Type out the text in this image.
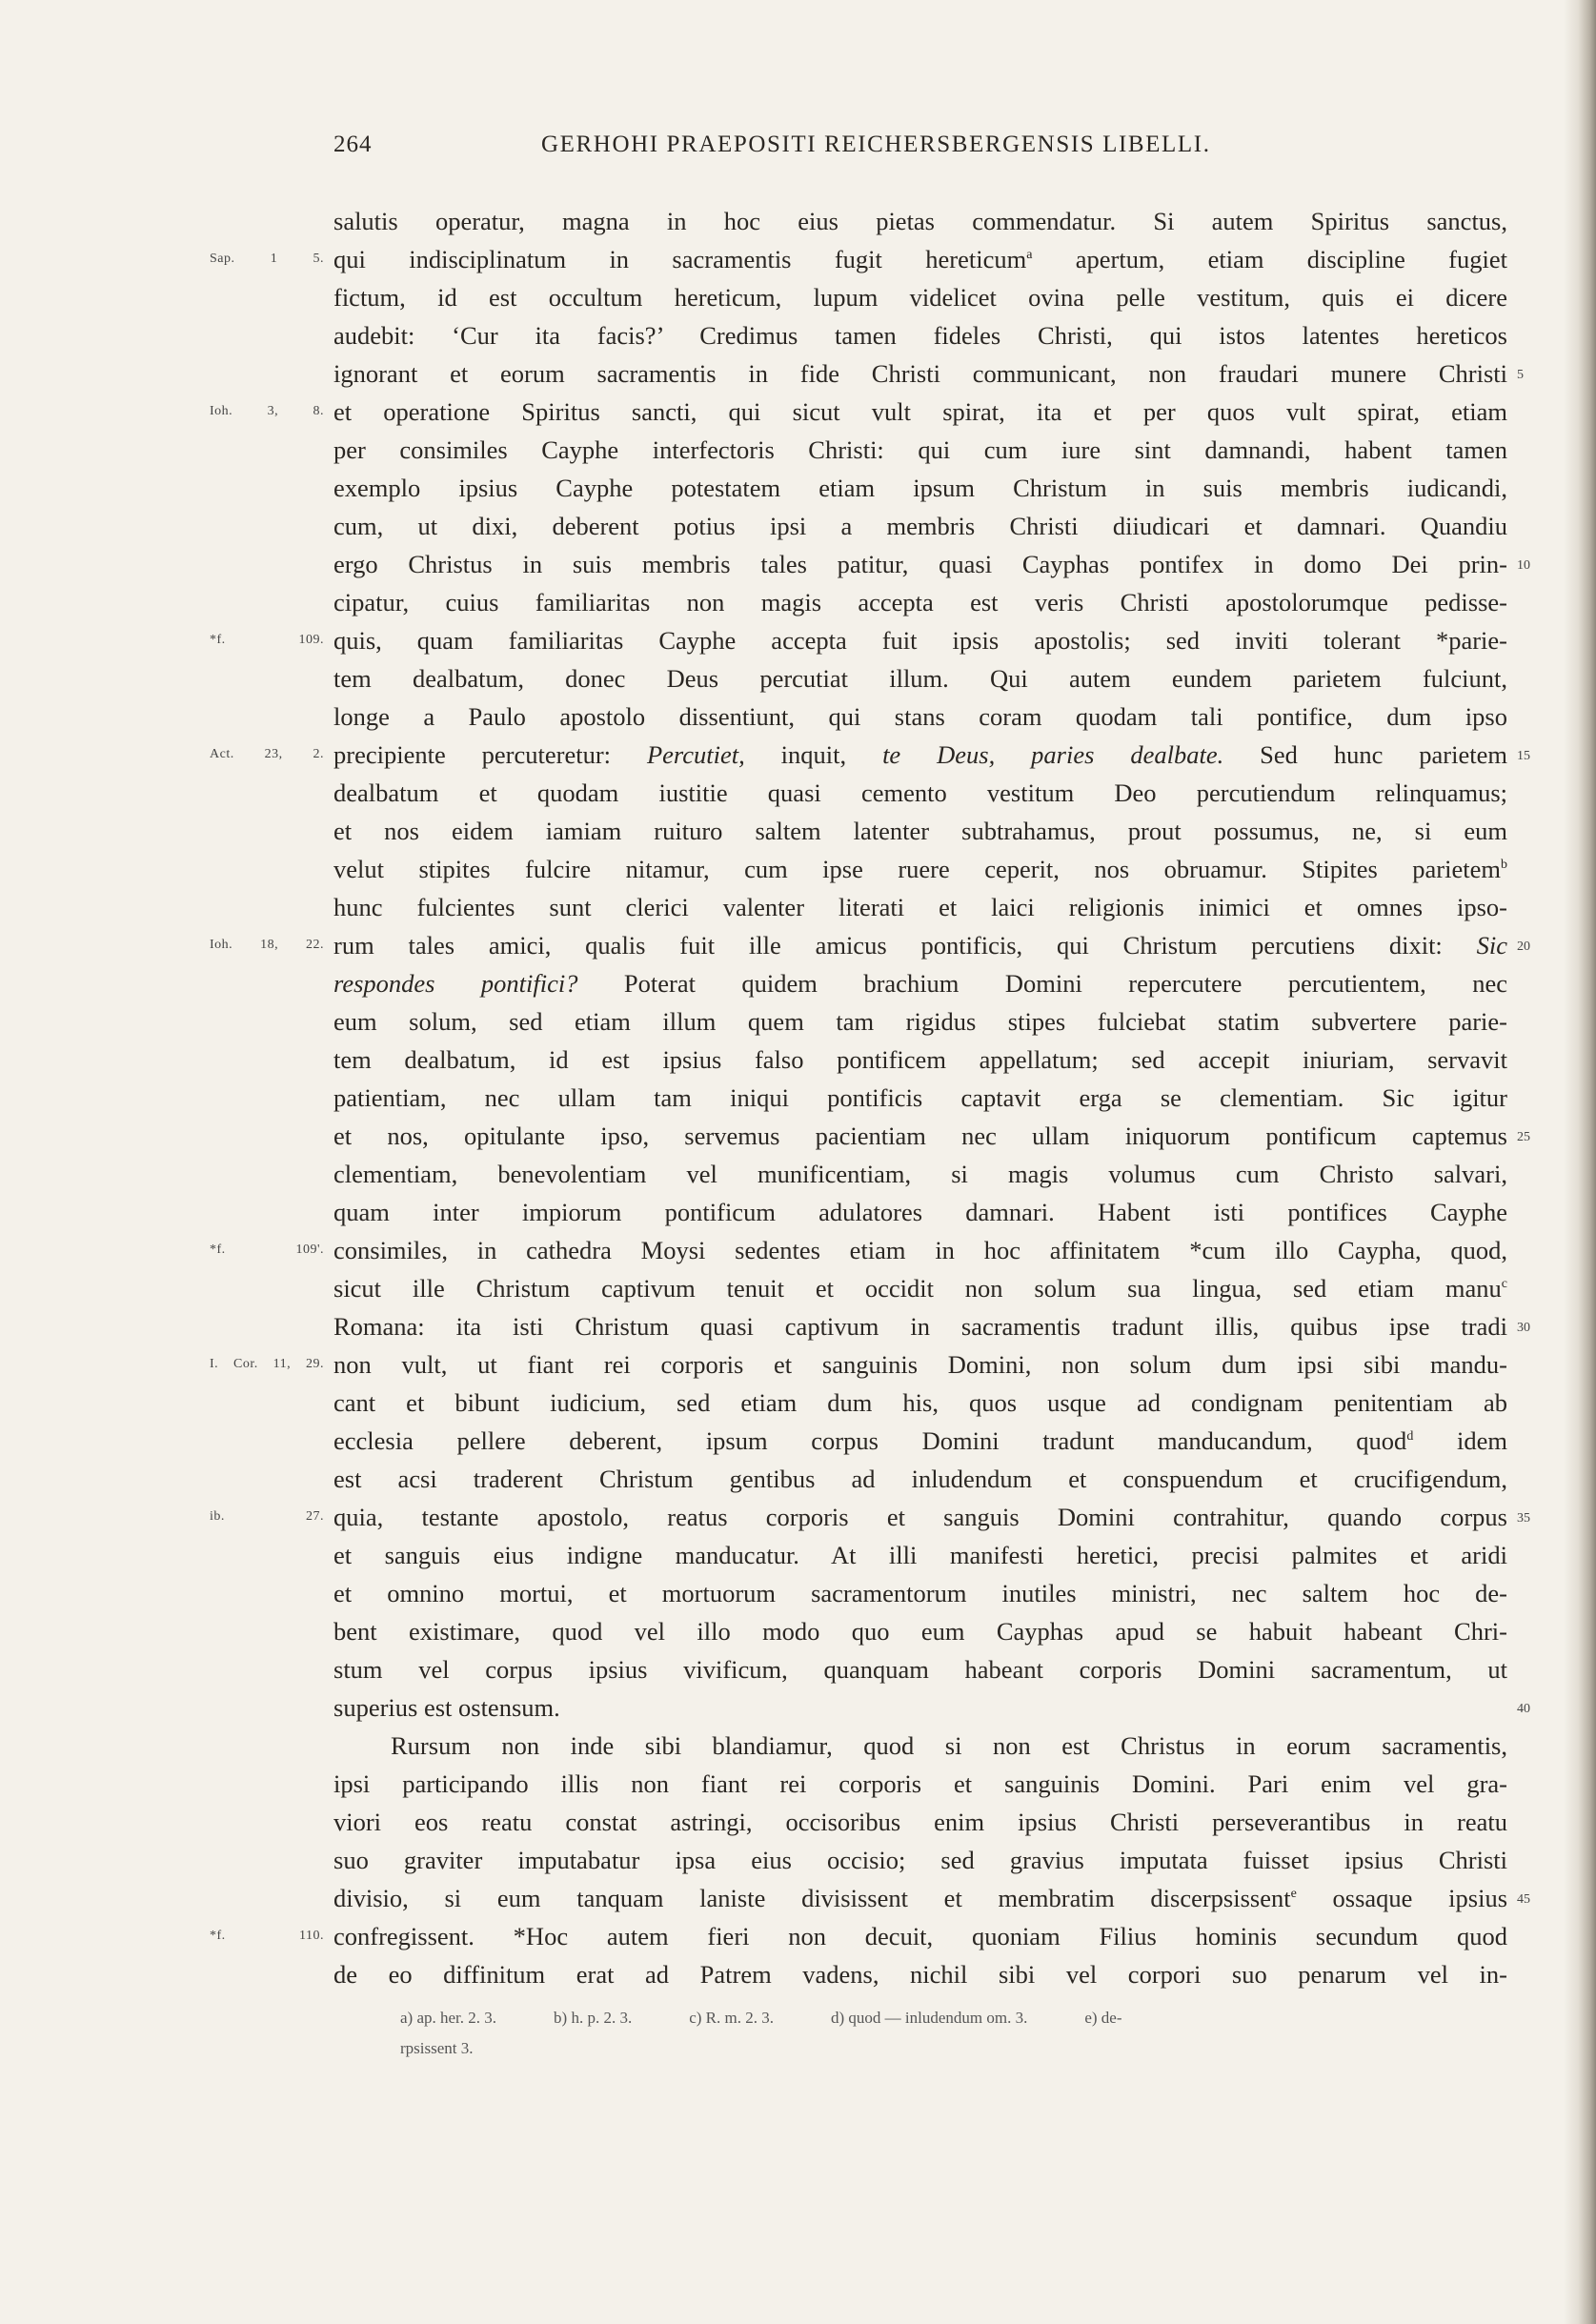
264	GERHOHI PRAEPOSITI REICHERSBERGENSIS LIBELLI.
salutis operatur, magna in hoc eius pietas commendatur. Si autem Spiritus sanctus,
Sap. 1 5. qui indisciplinatum in sacramentis fugit hereticum$^a$ apertum, etiam discipline fugiet
fictum, id est occultum hereticum, lupum videlicet ovina pelle vestitum, quis ei dicere
audebit: ‘Cur ita facis?’ Credimus tamen fideles Christi, qui istos latentes hereticos
ignorant et eorum sacramentis in fide Christi communicant, non fraudari munere Christi 5
Ioh. 3, 8. et operatione Spiritus sancti, qui sicut vult spirat, ita et per quos vult spirat, etiam
per consimiles Cayphe interfectoris Christi: qui cum iure sint damnandi, habent tamen
exemplo ipsius Cayphe potestatem etiam ipsum Christum in suis membris iudicandi,
cum, ut dixi, deberent potius ipsi a membris Christi diiudicari et damnari. Quandiu
ergo Christus in suis membris tales patitur, quasi Cayphas pontifex in domo Dei prin- 10
cipatur, cuius familiaritas non magis accepta est veris Christi apostolorumque pedisse-
*f. 109. quis, quam familiaritas Cayphe accepta fuit ipsis apostolis; sed inviti tolerant *parie-
tem dealbatum, donec Deus percutiat illum. Qui autem eundem parietem fulciunt,
longe a Paulo apostolo dissentiunt, qui stans coram quodam tali pontifice, dum ipso
Act. 23, 2. precipiente percuteretur: Percutiet, inquit, te Deus, paries dealbate. Sed hunc parietem 15
dealbatum et quodam iustitie quasi cemento vestitum Deo percutiendum relinquamus;
et nos eidem iamiam ruituro saltem latenter subtrahamus, prout possumus, ne, si eum
velut stipites fulcire nitamur, cum ipse ruere ceperit, nos obruamur. Stipites parietem$^b$
hunc fulcientes sunt clerici valenter literati et laici religionis inimici et omnes ipso-
Ioh. 18, 22. rum tales amici, qualis fuit ille amicus pontificis, qui Christum percutiens dixit: Sic 20
respondes pontifici? Poterat quidem brachium Domini repercutere percutientem, nec
eum solum, sed etiam illum quem tam rigidus stipes fulciebat statim subvertere parie-
tem dealbatum, id est ipsius falso pontificem appellatum; sed accepit iniuriam, servavit
patientiam, nec ullam tam iniqui pontificis captavit erga se clementiam. Sic igitur
et nos, opitulante ipso, servemus pacientiam nec ullam iniquorum pontificum captemus 25
clementiam, benevolentiam vel munificentiam, si magis volumus cum Christo salvari,
quam inter impiorum pontificum adulatores damnari. Habent isti pontifices Cayphe
*f. 109'. consimiles, in cathedra Moysi sedentes etiam in hoc affinitatem *cum illo Caypha, quod,
sicut ille Christum captivum tenuit et occidit non solum sua lingua, sed etiam manu$^c$
Romana: ita isti Christum quasi captivum in sacramentis tradunt illis, quibus ipse tradi 30
I. Cor. 11, 29. non vult, ut fiant rei corporis et sanguinis Domini, non solum dum ipsi sibi mandu-
cant et bibunt iudicium, sed etiam dum his, quos usque ad condignam penitentiam ab
ecclesia pellere deberent, ipsum corpus Domini tradunt manducandum, quod$^d$ idem
est acsi traderent Christum gentibus ad inludendum et conspuendum et crucifigendum,
ib. 27. quia, testante apostolo, reatus corporis et sanguis Domini contrahitur, quando corpus 35
et sanguis eius indigne manducatur. At illi manifesti heretici, precisi palmites et aridi
et omnino mortui, et mortuorum sacramentorum inutiles ministri, nec saltem hoc de-
bent existimare, quod vel illo modo quo eum Cayphas apud se habuit habeant Chri-
stum vel corpus ipsius vivificum, quanquam habeant corporis Domini sacramentum, ut
superius est ostensum.	40
Rursum non inde sibi blandiamur, quod si non est Christus in eorum sacramentis,
ipsi participando illis non fiant rei corporis et sanguinis Domini. Pari enim vel gra-
viori eos reatu constat astringi, occisoribus enim ipsius Christi perseverantibus in reatu
suo graviter imputabatur ipsa eius occisio; sed gravius imputata fuisset ipsius Christi
divisio, si eum tanquam laniste divisissent et membratim discerpsissent$^e$ ossaque ipsius 45
*f. 110. confregissent. *Hoc autem fieri non decuit, quoniam Filius hominis secundum quod
de eo diffinitum erat ad Patrem vadens, nichil sibi vel corpori suo penarum vel in-
a) ap. her. 2. 3.	b) h. p. 2. 3.	c) R. m. 2. 3.	d) quod — inludendum om. 3.	e) de-
rpsissent 3.
